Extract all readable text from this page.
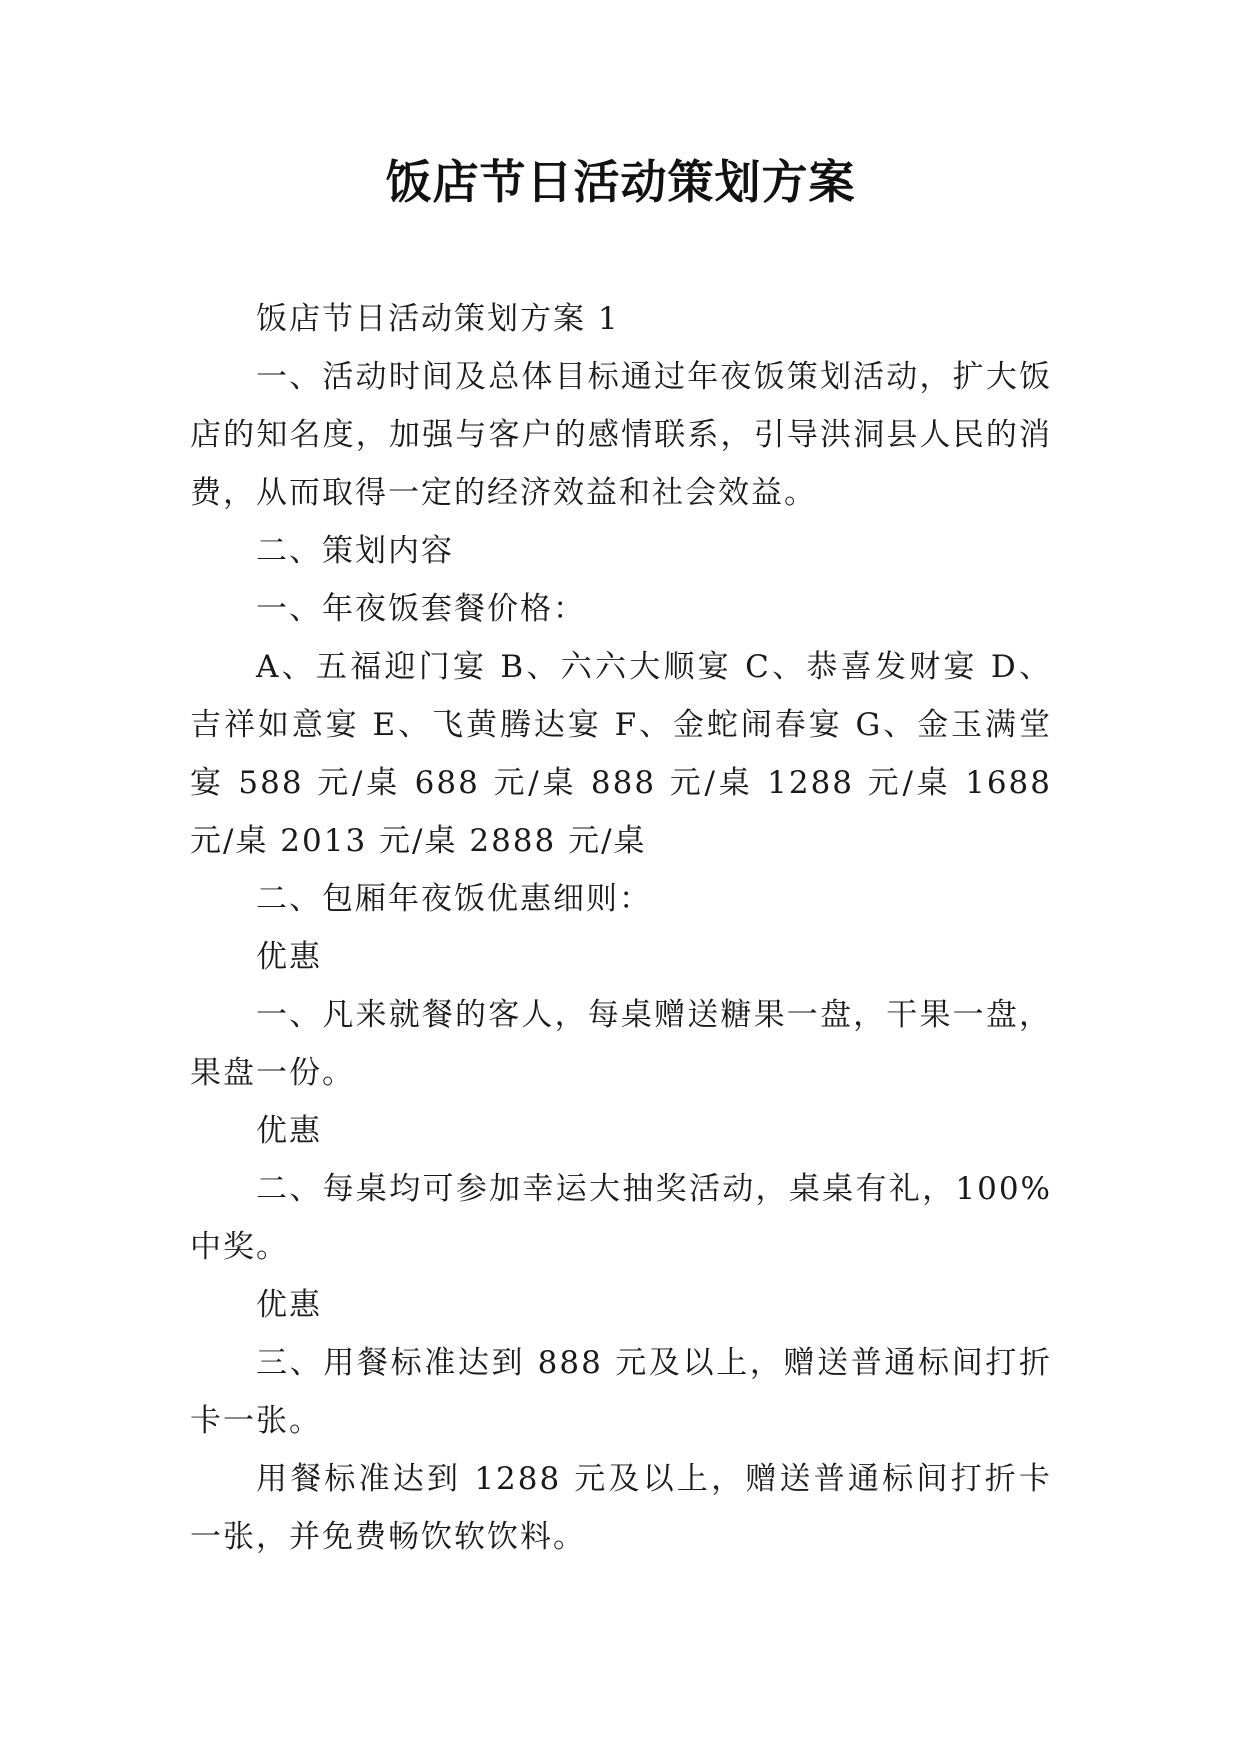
饭店节日活动策划方案

饭店节日活动策划方案 1

一、活动时间及总体目标通过年夜饭策划活动，扩大饭店的知名度，加强与客户的感情联系，引导洪洞县人民的消费，从而取得一定的经济效益和社会效益。

二、策划内容

一、年夜饭套餐价格：

A、五福迎门宴 B、六六大顺宴 C、恭喜发财宴 D、吉祥如意宴 E、飞黄腾达宴 F、金蛇闹春宴 G、金玉满堂宴 588 元/桌 688 元/桌 888 元/桌 1288 元/桌 1688 元/桌 2013 元/桌 2888 元/桌

二、包厢年夜饭优惠细则：

优惠

一、凡来就餐的客人，每桌赠送糖果一盘，干果一盘，果盘一份。

优惠

二、每桌均可参加幸运大抽奖活动，桌桌有礼，100%中奖。

优惠

三、用餐标准达到 888 元及以上，赠送普通标间打折卡一张。

用餐标准达到 1288 元及以上，赠送普通标间打折卡一张，并免费畅饮软饮料。
